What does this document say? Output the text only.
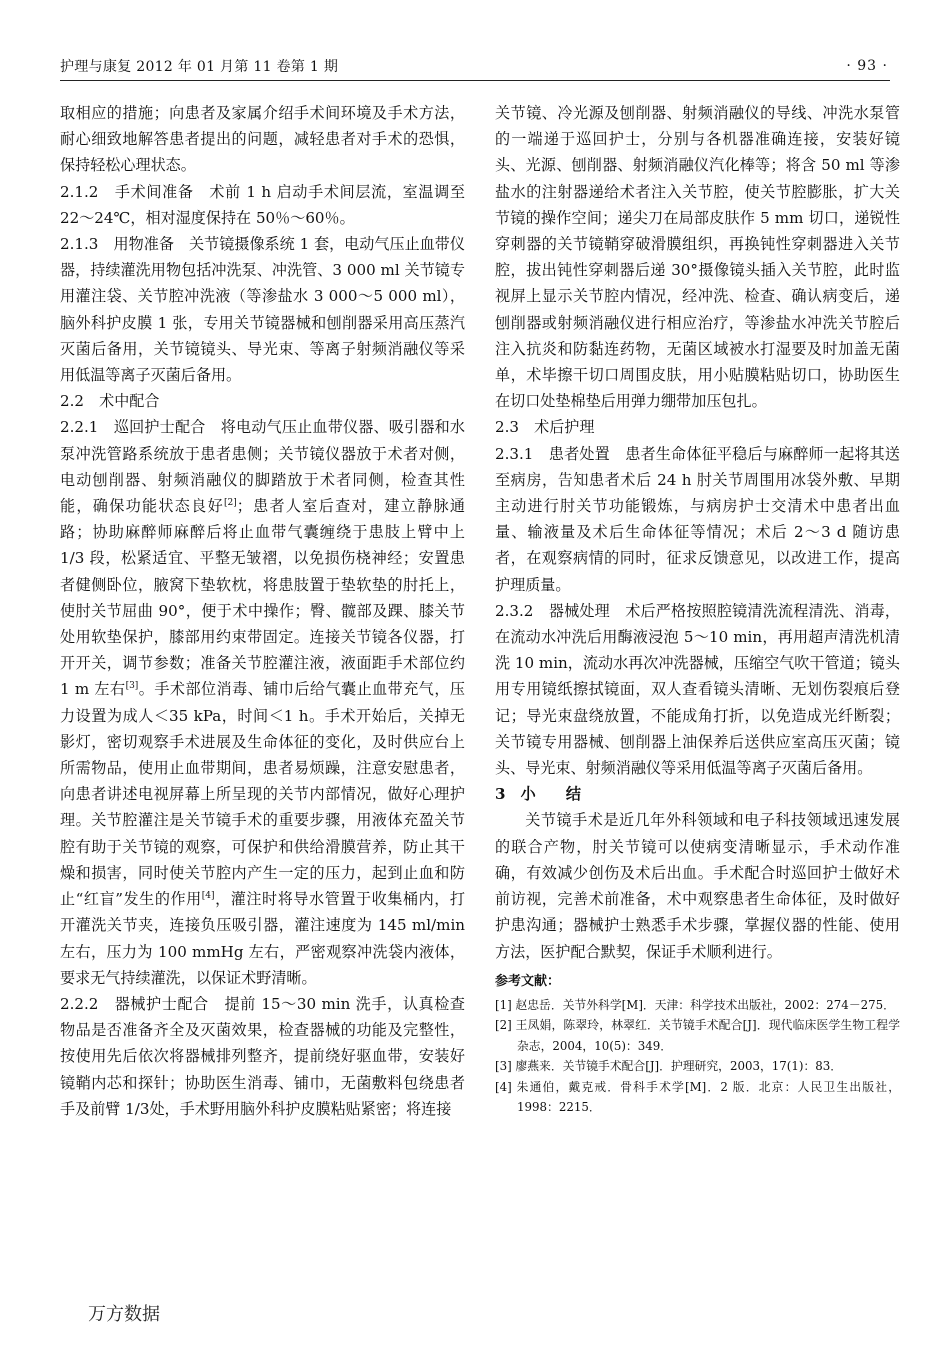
护理与康复 2012 年 01 月第 11 卷第 1 期	· 93 ·

取相应的措施；向患者及家属介绍手术间环境及手术方法，耐心细致地解答患者提出的问题，减轻患者对手术的恐惧，保持轻松心理状态。

2.1.2　手术间准备　术前 1 h 启动手术间层流，室温调至 22～24℃，相对湿度保持在 50％～60％。

2.1.3　用物准备　关节镜摄像系统 1 套，电动气压止血带仪器，持续灌洗用物包括冲洗泵、冲洗管、3 000 ml 关节镜专用灌注袋、关节腔冲洗液（等渗盐水 3 000～5 000 ml），脑外科护皮膜 1 张，专用关节镜器械和刨削器采用高压蒸汽灭菌后备用，关节镜镜头、导光束、等离子射频消融仪等采用低温等离子灭菌后备用。

2.2　术中配合

2.2.1　巡回护士配合　将电动气压止血带仪器、吸引器和水泵冲洗管路系统放于患者患侧；关节镜仪器放于术者对侧，电动刨削器、射频消融仪的脚踏放于术者同侧，检查其性能，确保功能状态良好[2]；患者人室后查对，建立静脉通路；协助麻醉师麻醉后将止血带气囊缠绕于患肢上臂中上 1/3 段，松紧适宜、平整无皱褶，以免损伤桡神经；安置患者健侧卧位，腋窝下垫软枕，将患肢置于垫软垫的肘托上，使肘关节屈曲 90°，便于术中操作；臀、髋部及踝、膝关节处用软垫保护，膝部用约束带固定。连接关节镜各仪器，打开开关，调节参数；准备关节腔灌注液，液面距手术部位约 1 m 左右[3]。手术部位消毒、铺巾后给气囊止血带充气，压力设置为成人＜35 kPa，时间＜1 h。手术开始后，关掉无影灯，密切观察手术进展及生命体征的变化，及时供应台上所需物品，使用止血带期间，患者易烦躁，注意安慰患者，向患者讲述电视屏幕上所呈现的关节内部情况，做好心理护理。关节腔灌注是关节镜手术的重要步骤，用液体充盈关节腔有助于关节镜的观察，可保护和供给滑膜营养，防止其干燥和损害，同时使关节腔内产生一定的压力，起到止血和防止“红盲”发生的作用[4]，灌注时将导水管置于收集桶内，打开灌洗关节夹，连接负压吸引器，灌注速度为 145 ml/min 左右，压力为 100 mmHg 左右，严密观察冲洗袋内液体，要求无气持续灌洗，以保证术野清晰。

2.2.2　器械护士配合　提前 15～30 min 洗手，认真检查物品是否准备齐全及灭菌效果，检查器械的功能及完整性，按使用先后依次将器械排列整齐，提前绕好驱血带，安装好镜鞘内芯和探针；协助医生消毒、铺巾，无菌敷料包绕患者手及前臂 1/3处，手术野用脑外科护皮膜粘贴紧密；将连接

关节镜、冷光源及刨削器、射频消融仪的导线、冲洗水泵管的一端递于巡回护士，分别与各机器准确连接，安装好镜头、光源、刨削器、射频消融仪汽化棒等；将含 50 ml 等渗盐水的注射器递给术者注入关节腔，使关节腔膨胀，扩大关节镜的操作空间；递尖刀在局部皮肤作 5 mm 切口，递锐性穿刺器的关节镜鞘穿破滑膜组织，再换钝性穿刺器进入关节腔，拔出钝性穿刺器后递 30°摄像镜头插入关节腔，此时监视屏上显示关节腔内情况，经冲洗、检查、确认病变后，递刨削器或射频消融仪进行相应治疗，等渗盐水冲洗关节腔后注入抗炎和防黏连药物，无菌区域被水打湿要及时加盖无菌单，术毕擦干切口周围皮肤，用小贴膜粘贴切口，协助医生在切口处垫棉垫后用弹力绷带加压包扎。

2.3　术后护理

2.3.1　患者处置　患者生命体征平稳后与麻醉师一起将其送至病房，告知患者术后 24 h 肘关节周围用冰袋外敷、早期主动进行肘关节功能锻炼，与病房护士交清术中患者出血量、输液量及术后生命体征等情况；术后 2～3 d 随访患者，在观察病情的同时，征求反馈意见，以改进工作，提高护理质量。

2.3.2　器械处理　术后严格按照腔镜清洗流程清洗、消毒，在流动水冲洗后用酶液浸泡 5～10 min，再用超声清洗机清洗 10 min，流动水再次冲洗器械，压缩空气吹干管道；镜头用专用镜纸擦拭镜面，双人查看镜头清晰、无划伤裂痕后登记；导光束盘绕放置，不能成角打折，以免造成光纤断裂；关节镜专用器械、刨削器上油保养后送供应室高压灭菌；镜头、导光束、射频消融仪等采用低温等离子灭菌后备用。

3　小　　结

关节镜手术是近几年外科领域和电子科技领域迅速发展的联合产物，肘关节镜可以使病变清晰显示，手术动作准确，有效减少创伤及术后出血。手术配合时巡回护士做好术前访视，完善术前准备，术中观察患者生命体征，及时做好护患沟通；器械护士熟悉手术步骤，掌握仪器的性能、使用方法，医护配合默契，保证手术顺利进行。

参考文献：
[1] 赵忠岳．关节外科学[M]．天津：科学技术出版社，2002：274－275．
[2] 王凤娟，陈翠玲，林翠红．关节镜手术配合[J]．现代临床医学生物工程学杂志，2004，10(5)：349．
[3] 廖燕来．关节镜手术配合[J]．护理研究，2003，17(1)：83．
[4] 朱通伯，戴克戒．骨科手术学[M]．2 版．北京：人民卫生出版社，1998：2215．
万方数据
